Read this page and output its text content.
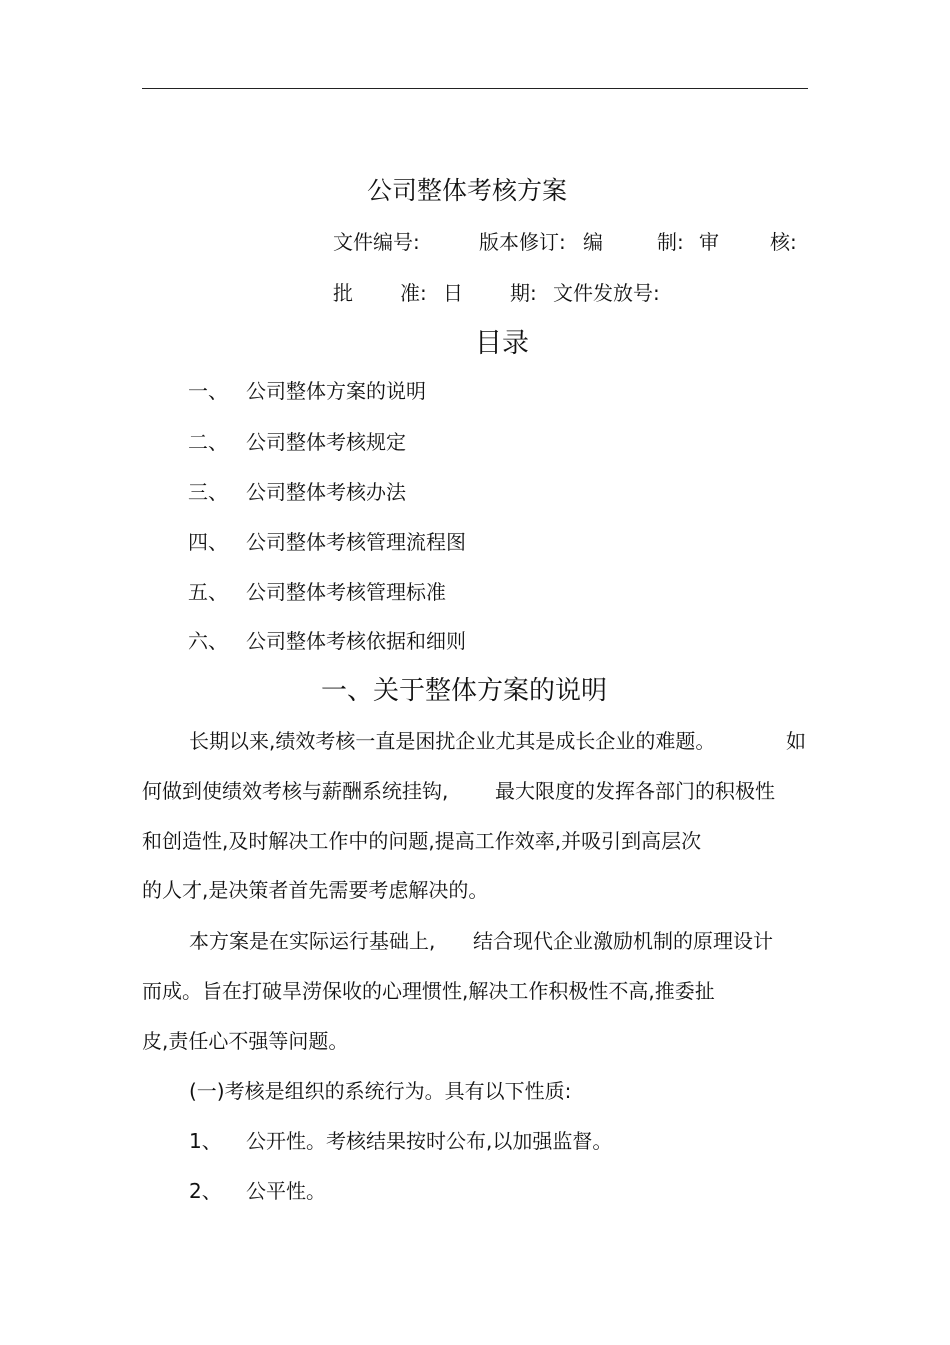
公司整体考核方案
文件编号:	版本修订: 编	制: 审	核:
批 准: 日 期: 文件发放号:
目录
一、 公司整体方案的说明
二、 公司整体考核规定
三、 公司整体考核办法
四、 公司整体考核管理流程图
五、 公司整体考核管理标准
六、 公司整体考核依据和细则
一、关于整体方案的说明
长期以来,绩效考核一直是困扰企业尤其是成长企业的难题。	如
何做到使绩效考核与薪酬系统挂钩, 最大限度的发挥各部门的积极性
和创造性,及时解决工作中的问题,提高工作效率,并吸引到高层次
的人才,是决策者首先需要考虑解决的。
本方案是在实际运行基础上, 结合现代企业激励机制的原理设计
而成。旨在打破旱涝保收的心理惯性,解决工作积极性不高,推委扯
皮,责任心不强等问题。
(一)考核是组织的系统行为。具有以下性质:
1、 公开性。考核结果按时公布,以加强监督。
2、 公平性。
